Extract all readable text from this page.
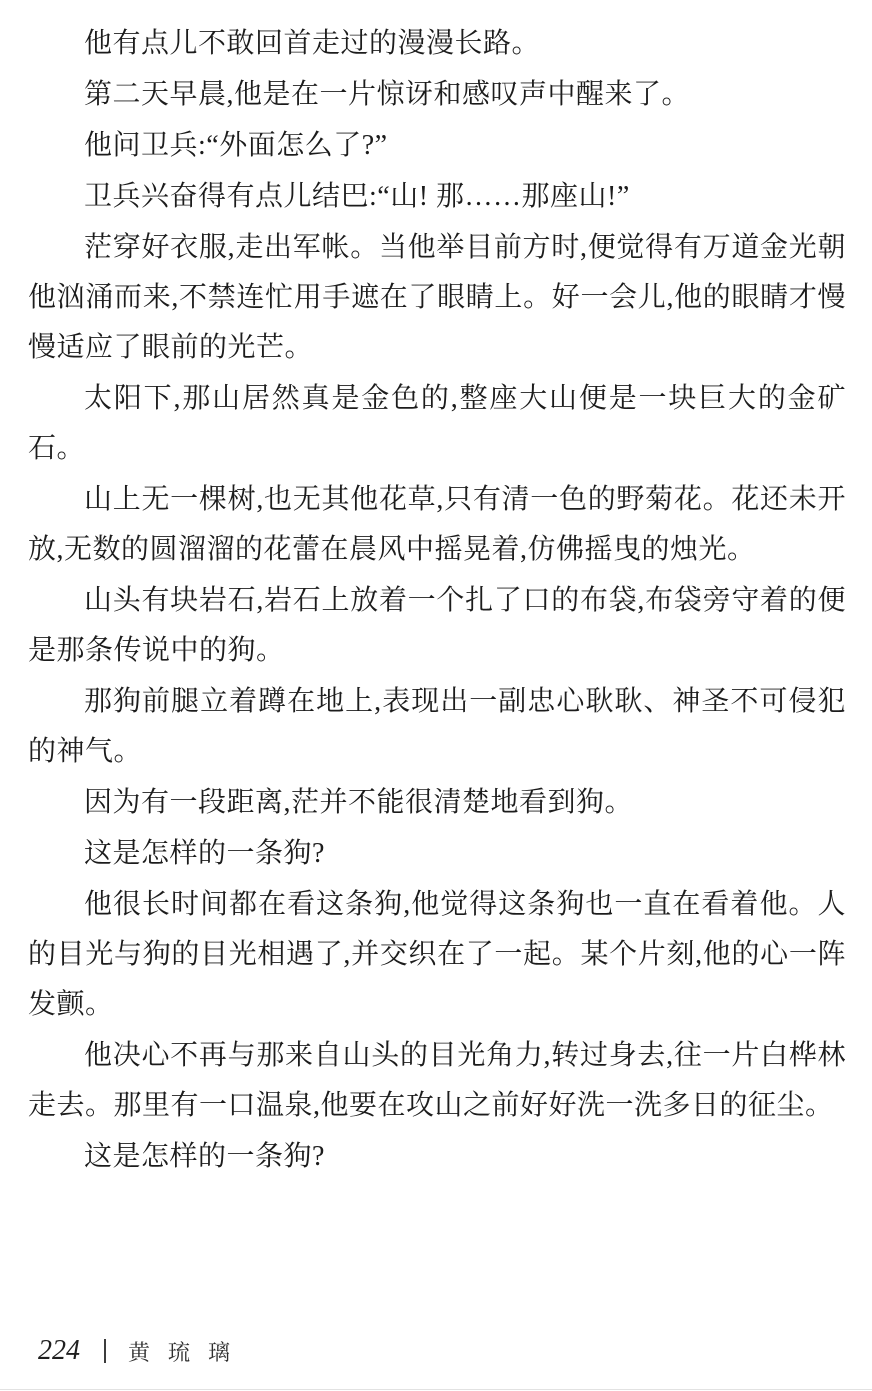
他有点儿不敢回首走过的漫漫长路。

第二天早晨,他是在一片惊讶和感叹声中醒来了。

他问卫兵:“外面怎么了?”

卫兵兴奋得有点儿结巴:“山! 那……那座山!”

茫穿好衣服,走出军帐。当他举目前方时,便觉得有万道金光朝他汹涌而来,不禁连忙用手遮在了眼睛上。好一会儿,他的眼睛才慢慢适应了眼前的光芒。

太阳下,那山居然真是金色的,整座大山便是一块巨大的金矿石。

山上无一棵树,也无其他花草,只有清一色的野菊花。花还未开放,无数的圆溜溜的花蕾在晨风中摇晃着,仿佛摇曳的烛光。

山头有块岩石,岩石上放着一个扎了口的布袋,布袋旁守着的便是那条传说中的狗。

那狗前腿立着蹲在地上,表现出一副忠心耿耿、神圣不可侵犯的神气。

因为有一段距离,茫并不能很清楚地看到狗。

这是怎样的一条狗?

他很长时间都在看这条狗,他觉得这条狗也一直在看着他。人的目光与狗的目光相遇了,并交织在了一起。某个片刻,他的心一阵发颤。

他决心不再与那来自山头的目光角力,转过身去,往一片白桦林走去。那里有一口温泉,他要在攻山之前好好洗一洗多日的征尘。

这是怎样的一条狗?

224 黄琉璃
